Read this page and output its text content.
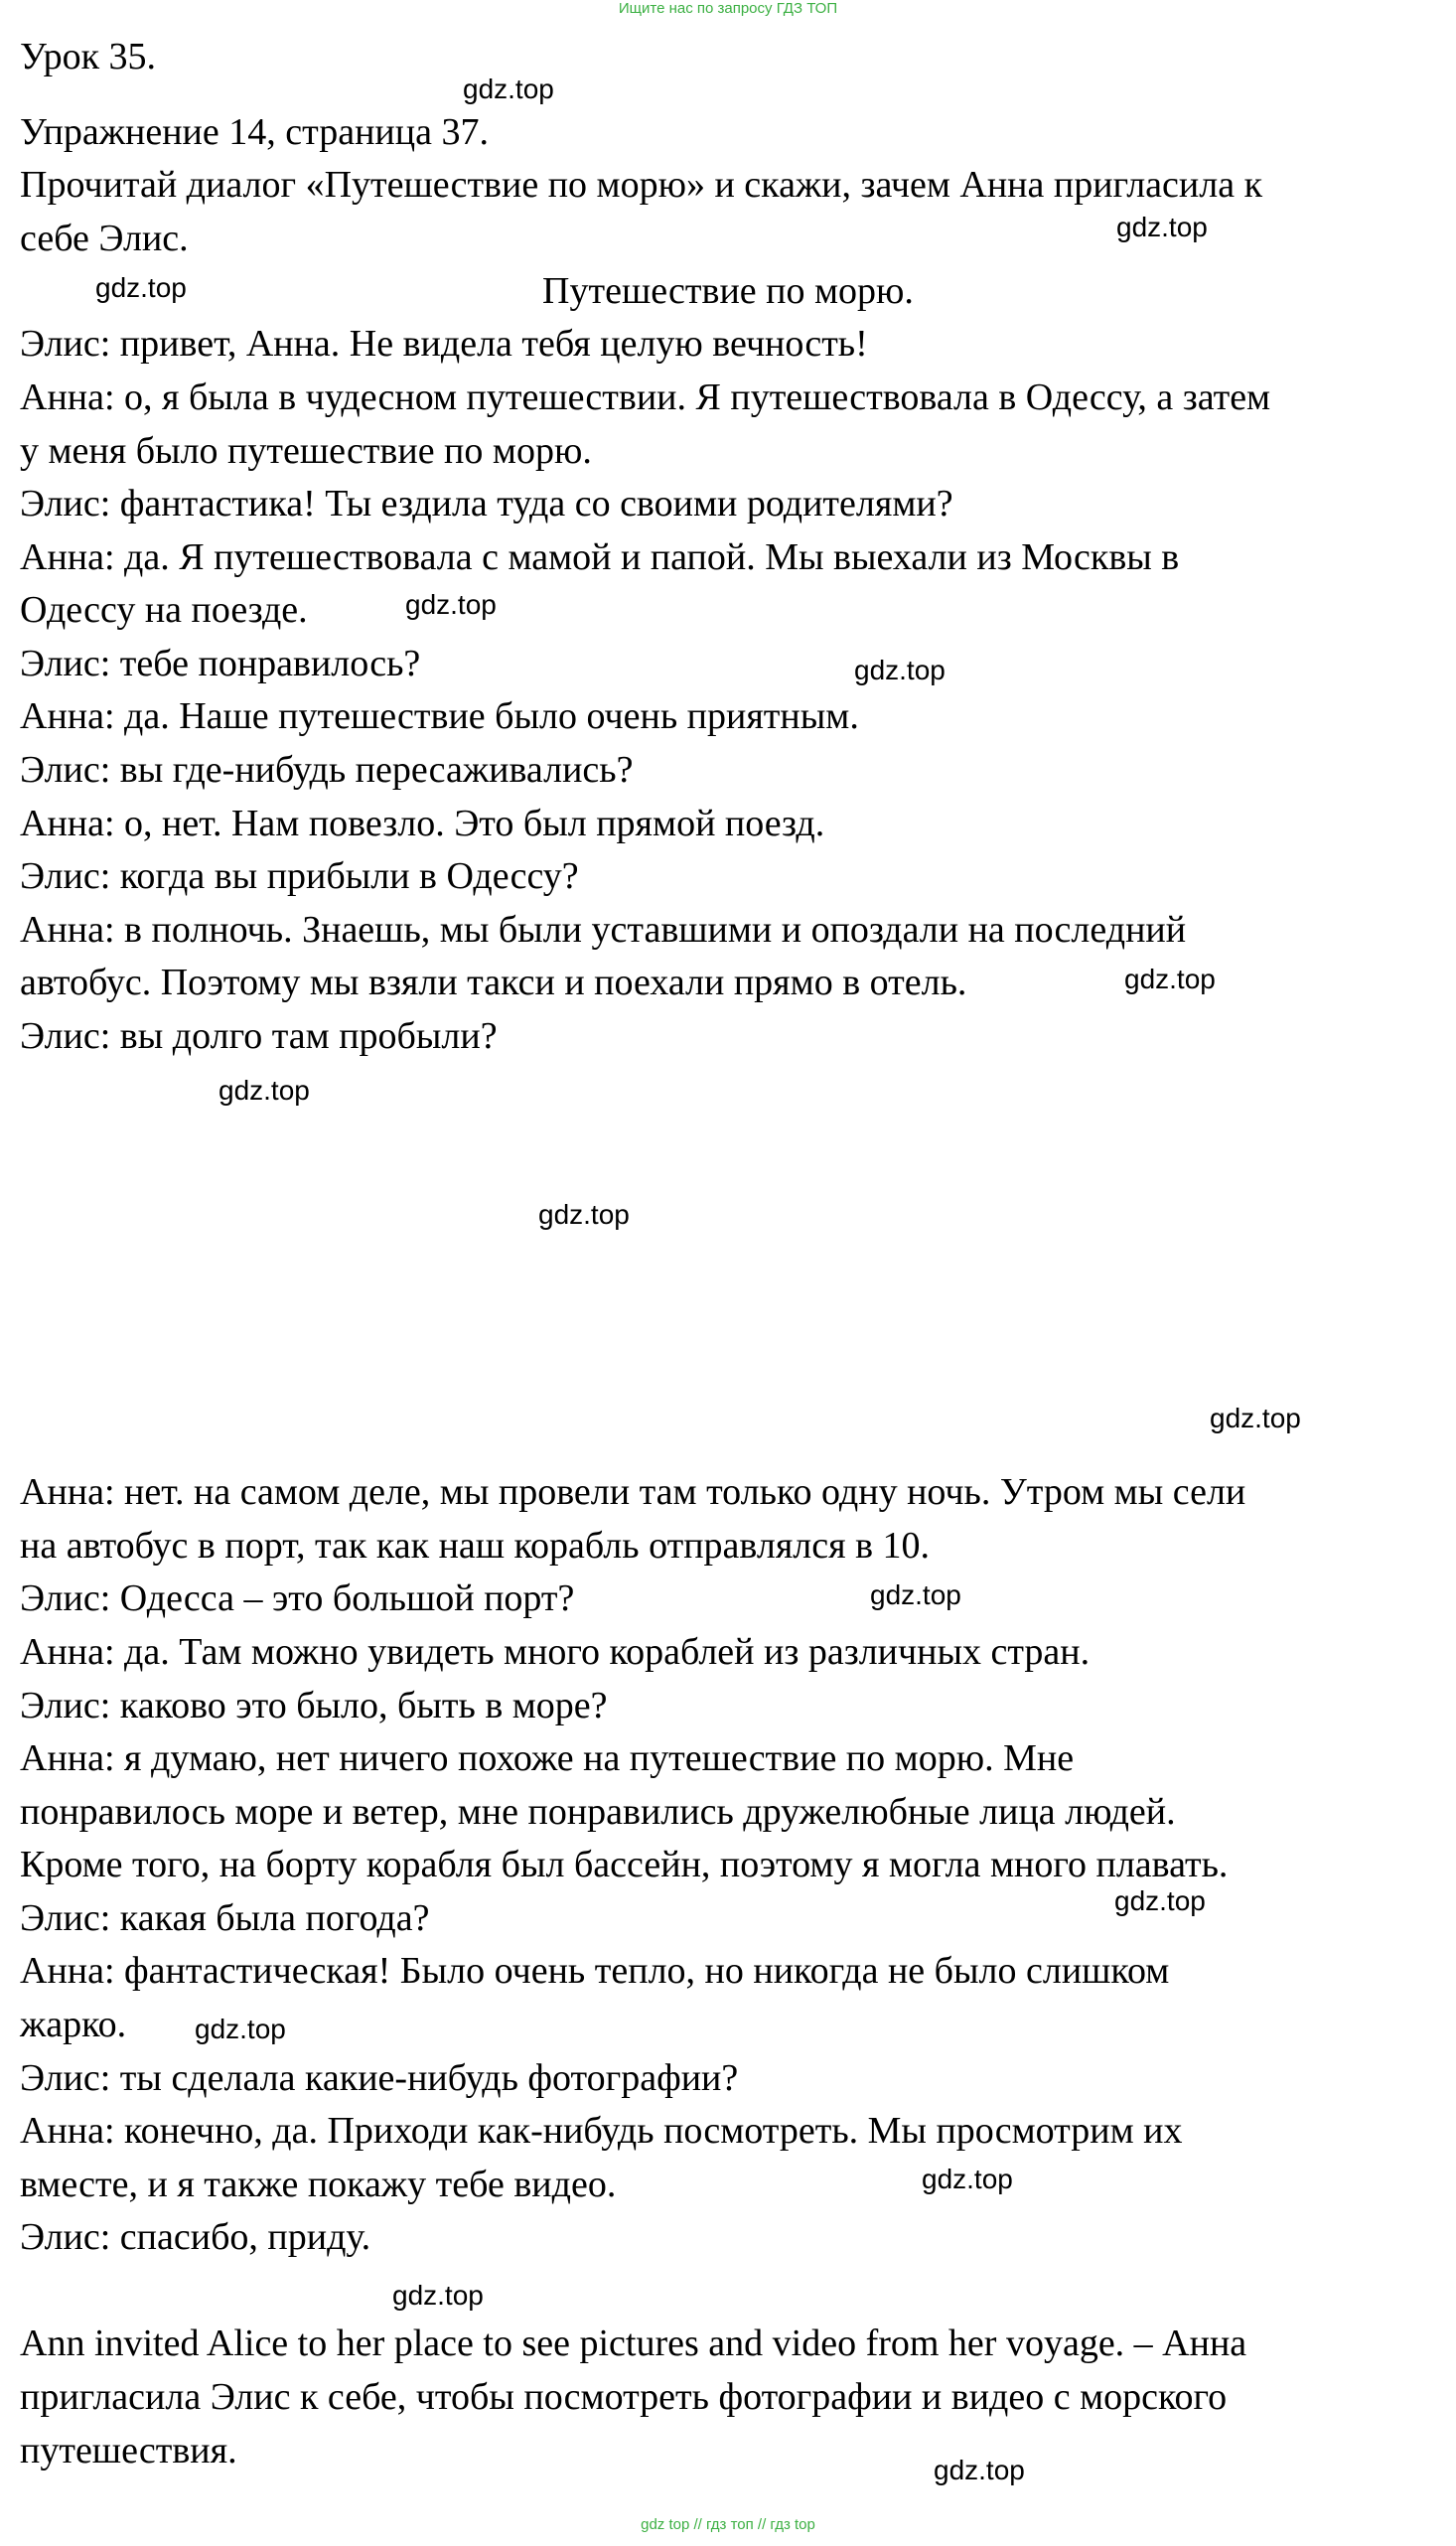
Ищите нас по запросу ГДЗ ТОП
Урок 35.
Упражнение 14, страница 37.
Прочитай диалог «Путешествие по морю» и скажи, зачем Анна пригласила к
себе Элис.
Путешествие по морю.
Элис: привет, Анна. Не видела тебя целую вечность!
Анна: о, я была в чудесном путешествии. Я путешествовала в Одессу, а затем
у меня было путешествие по морю.
Элис: фантастика! Ты ездила туда со своими родителями?
Анна: да. Я путешествовала с мамой и папой. Мы выехали из Москвы в
Одессу на поезде.
Элис: тебе понравилось?
Анна: да. Наше путешествие было очень приятным.
Элис: вы где-нибудь пересаживались?
Анна: о, нет. Нам повезло. Это был прямой поезд.
Элис: когда вы прибыли в Одессу?
Анна: в полночь. Знаешь, мы были уставшими и опоздали на последний
автобус. Поэтому мы взяли такси и поехали прямо в отель.
Элис: вы долго там пробыли?
Анна: нет. на самом деле, мы провели там только одну ночь. Утром мы сели
на автобус в порт, так как наш корабль отправлялся в 10.
Элис: Одесса – это большой порт?
Анна: да. Там можно увидеть много кораблей из различных стран.
Элис: каково это было, быть в море?
Анна: я думаю, нет ничего похоже на путешествие по морю. Мне
понравилось море и ветер, мне понравились дружелюбные лица людей.
Кроме того, на борту корабля был бассейн, поэтому я могла много плавать.
Элис: какая была погода?
Анна: фантастическая! Было очень тепло, но никогда не было слишком
жарко.
Элис: ты сделала какие-нибудь фотографии?
Анна: конечно, да. Приходи как-нибудь посмотреть. Мы просмотрим их
вместе, и я также покажу тебе видео.
Элис: спасибо, приду.
Ann invited Alice to her place to see pictures and video from her voyage. – Анна
пригласила Элис к себе, чтобы посмотреть фотографии и видео с морского
путешествия.
gdz.top
gdz.top
gdz.top
gdz.top
gdz.top
gdz.top
gdz.top
gdz.top
gdz.top
gdz.top
gdz.top
gdz.top
gdz.top
gdz.top
gdz.top
gdz top // гдз топ // гдз top
